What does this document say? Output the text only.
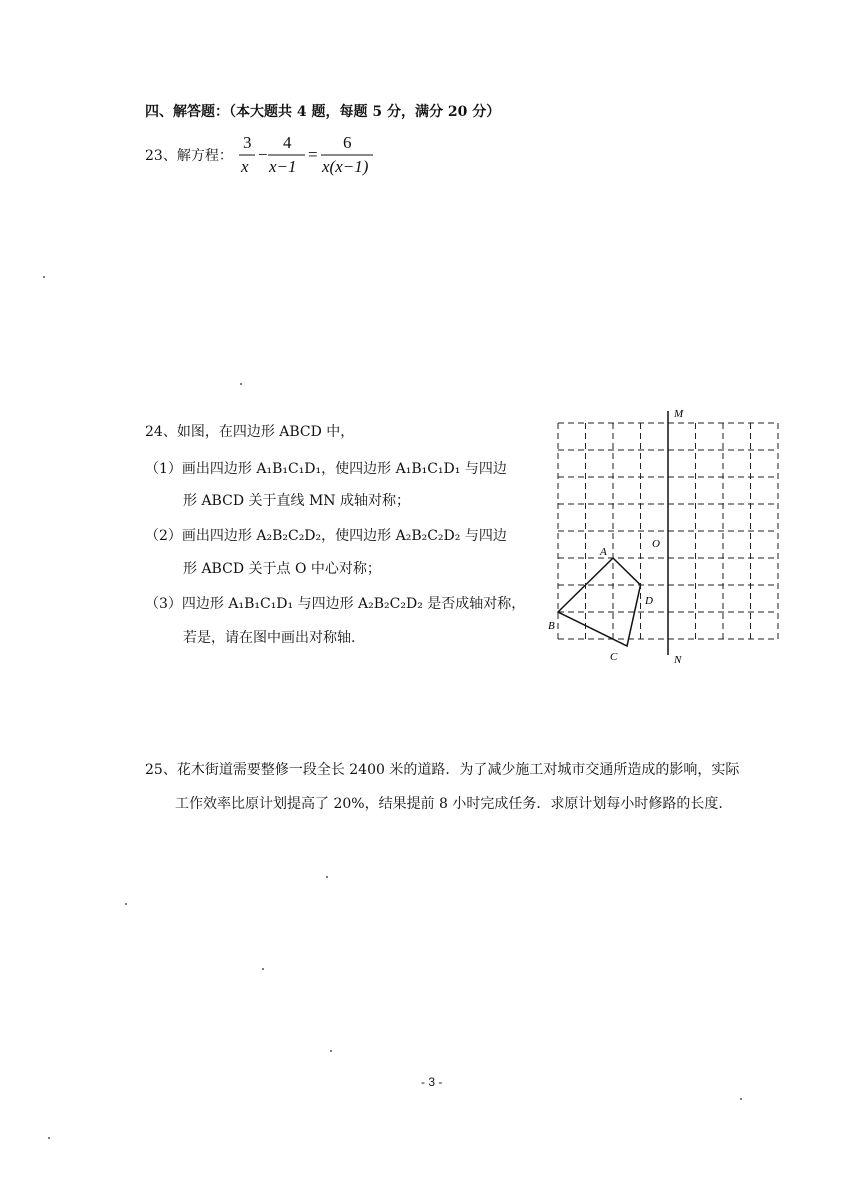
四、解答题：（本大题共 4 题，每题 5 分，满分 20 分）
23、解方程：
3
x
−
4
x−1
=
6
x(x−1)
24、如图，在四边形 ABCD 中，
（1）画出四边形 A₁B₁C₁D₁，使四边形 A₁B₁C₁D₁ 与四边
形 ABCD 关于直线 MN 成轴对称；
（2）画出四边形 A₂B₂C₂D₂，使四边形 A₂B₂C₂D₂ 与四边
形 ABCD 关于点 O 中心对称；
（3）四边形 A₁B₁C₁D₁ 与四边形 A₂B₂C₂D₂ 是否成轴对称，
若是，请在图中画出对称轴.
M
N
O
A
B
C
D
25、花木街道需要整修一段全长 2400 米的道路．为了减少施工对城市交通所造成的影响，实际
工作效率比原计划提高了 20%，结果提前 8 小时完成任务．求原计划每小时修路的长度.
- 3 -
